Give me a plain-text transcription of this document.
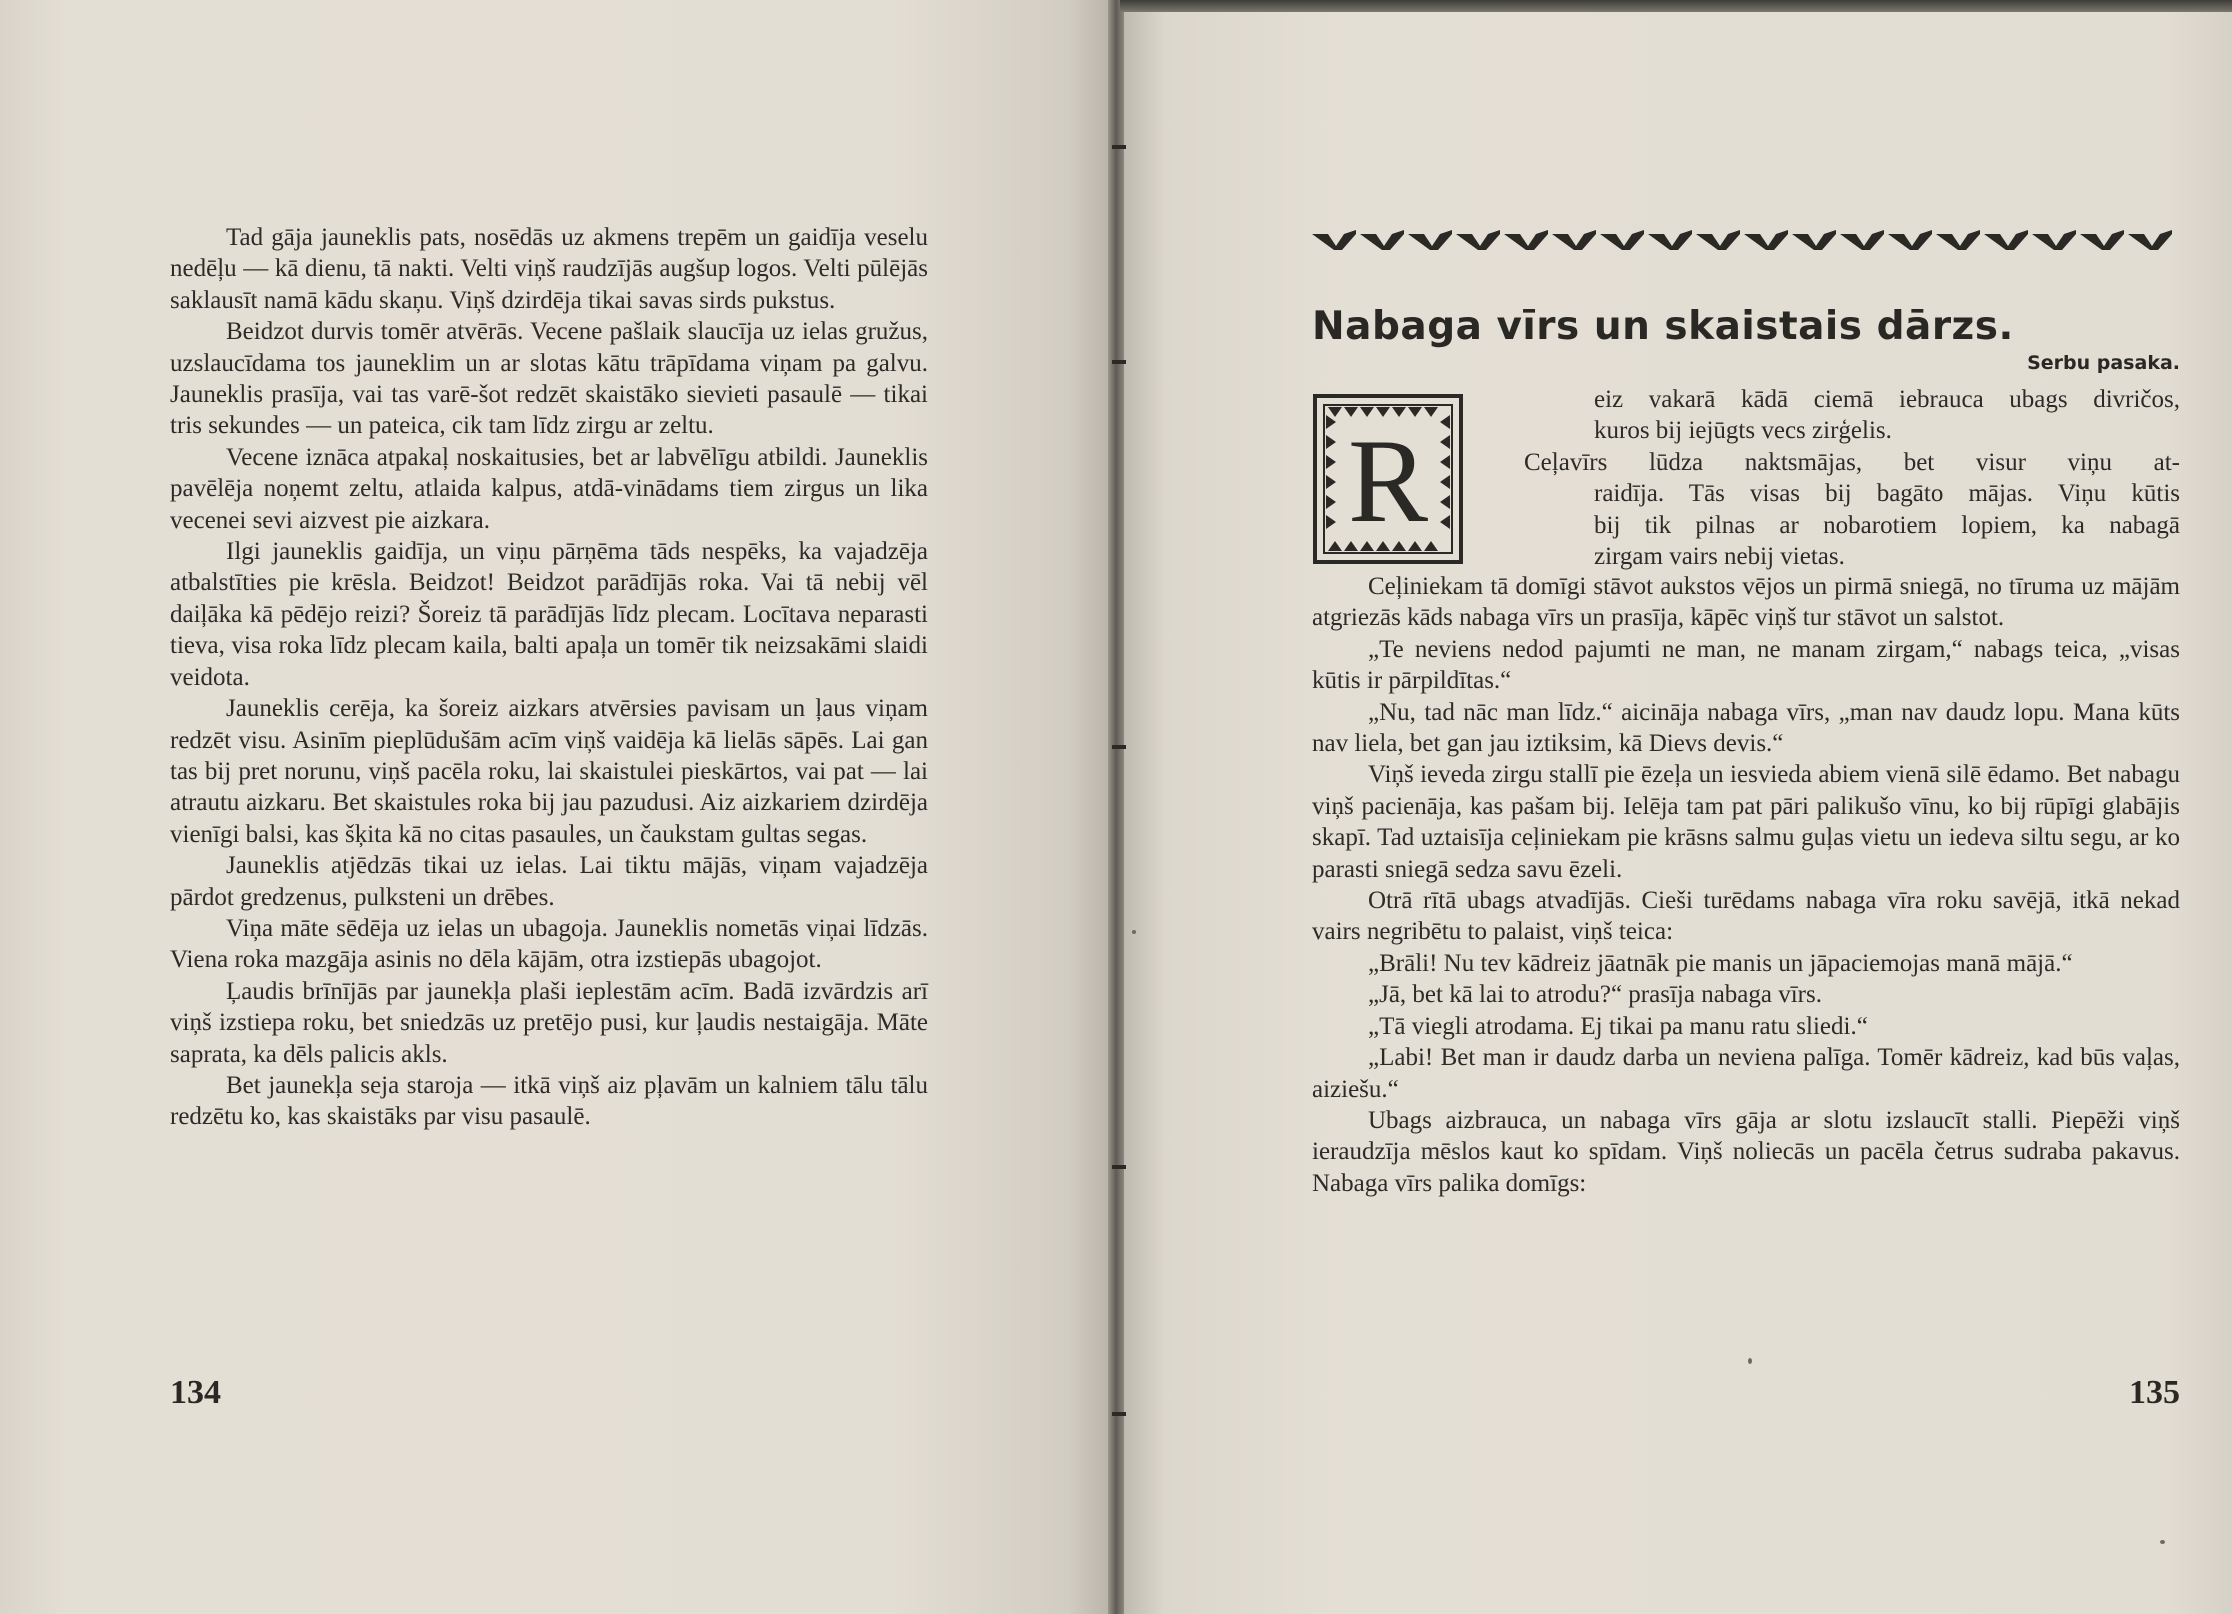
Tad gāja jauneklis pats, nosēdās uz akmens trepēm un gaidīja veselu nedēļu — kā dienu, tā nakti. Velti viņš raudzījās augšup logos. Velti pūlējās saklausīt namā kādu skaņu. Viņš dzirdēja tikai savas sirds pukstus.

Beidzot durvis tomēr atvērās. Vecene pašlaik slaucīja uz ielas gružus, uzslaucīdama tos jauneklim un ar slotas kātu trāpīdama viņam pa galvu. Jauneklis prasīja, vai tas varē-šot redzēt skaistāko sievieti pasaulē — tikai tris sekundes — un pateica, cik tam līdz zirgu ar zeltu.

Vecene iznāca atpakaļ noskaitusies, bet ar labvēlīgu atbildi. Jauneklis pavēlēja noņemt zeltu, atlaida kalpus, atdā-vinādams tiem zirgus un lika vecenei sevi aizvest pie aizkara.

Ilgi jauneklis gaidīja, un viņu pārņēma tāds nespēks, ka vajadzēja atbalstīties pie krēsla. Beidzot! Beidzot parādījās roka. Vai tā nebij vēl daiļāka kā pēdējo reizi? Šoreiz tā parādījās līdz plecam. Locītava neparasti tieva, visa roka līdz plecam kaila, balti apaļa un tomēr tik neizsakāmi slaidi veidota.

Jauneklis cerēja, ka šoreiz aizkars atvērsies pavisam un ļaus viņam redzēt visu. Asinīm pieplūdušām acīm viņš vaidēja kā lielās sāpēs. Lai gan tas bij pret norunu, viņš pacēla roku, lai skaistulei pieskārtos, vai pat — lai atrautu aizkaru. Bet skaistules roka bij jau pazudusi. Aiz aizkariem dzirdēja vienīgi balsi, kas šķita kā no citas pasaules, un čaukstam gultas segas.

Jauneklis atjēdzās tikai uz ielas. Lai tiktu mājās, viņam vajadzēja pārdot gredzenus, pulksteni un drēbes.

Viņa māte sēdēja uz ielas un ubagoja. Jauneklis nometās viņai līdzās. Viena roka mazgāja asinis no dēla kājām, otra izstiepās ubagojot.

Ļaudis brīnījās par jaunekļa plaši ieplestām acīm. Badā izvārdzis arī viņš izstiepa roku, bet sniedzās uz pretējo pusi, kur ļaudis nestaigāja. Māte saprata, ka dēls palicis akls.

Bet jaunekļa seja staroja — itkā viņš aiz pļavām un kalniem tālu tālu redzētu ko, kas skaistāks par visu pasaulē.

134
Nabaga vīrs un skaistais dārzs.
Serbu pasaka.
R
eiz vakarā kādā ciemā iebrauca ubags divričos,
kuros bij iejūgts vecs zirģelis.
Ceļavīrs lūdza naktsmājas, bet visur viņu at-
raidīja. Tās visas bij bagāto mājas. Viņu kūtis
bij tik pilnas ar nobarotiem lopiem, ka nabagā
zirgam vairs nebij vietas.

Ceļiniekam tā domīgi stāvot aukstos vējos un pirmā sniegā, no tīruma uz mājām atgriezās kāds nabaga vīrs un prasīja, kāpēc viņš tur stāvot un salstot.

„Te neviens nedod pajumti ne man, ne manam zirgam,“ nabags teica, „visas kūtis ir pārpildītas.“

„Nu, tad nāc man līdz.“ aicināja nabaga vīrs, „man nav daudz lopu. Mana kūts nav liela, bet gan jau iztiksim, kā Dievs devis.“

Viņš ieveda zirgu stallī pie ēzeļa un iesvieda abiem vienā silē ēdamo. Bet nabagu viņš pacienāja, kas pašam bij. Ielēja tam pat pāri palikušo vīnu, ko bij rūpīgi glabājis skapī. Tad uztaisīja ceļiniekam pie krāsns salmu guļas vietu un iedeva siltu segu, ar ko parasti sniegā sedza savu ēzeli.

Otrā rītā ubags atvadījās. Cieši turēdams nabaga vīra roku savējā, itkā nekad vairs negribētu to palaist, viņš teica:

„Brāli! Nu tev kādreiz jāatnāk pie manis un jāpaciemojas manā mājā.“

„Jā, bet kā lai to atrodu?“ prasīja nabaga vīrs.

„Tā viegli atrodama. Ej tikai pa manu ratu sliedi.“

„Labi! Bet man ir daudz darba un neviena palīga. Tomēr kādreiz, kad būs vaļas, aiziešu.“

Ubags aizbrauca, un nabaga vīrs gāja ar slotu izslaucīt stalli. Piepēži viņš ieraudzīja mēslos kaut ko spīdam. Viņš noliecās un pacēla četrus sudraba pakavus. Nabaga vīrs palika domīgs:

135
